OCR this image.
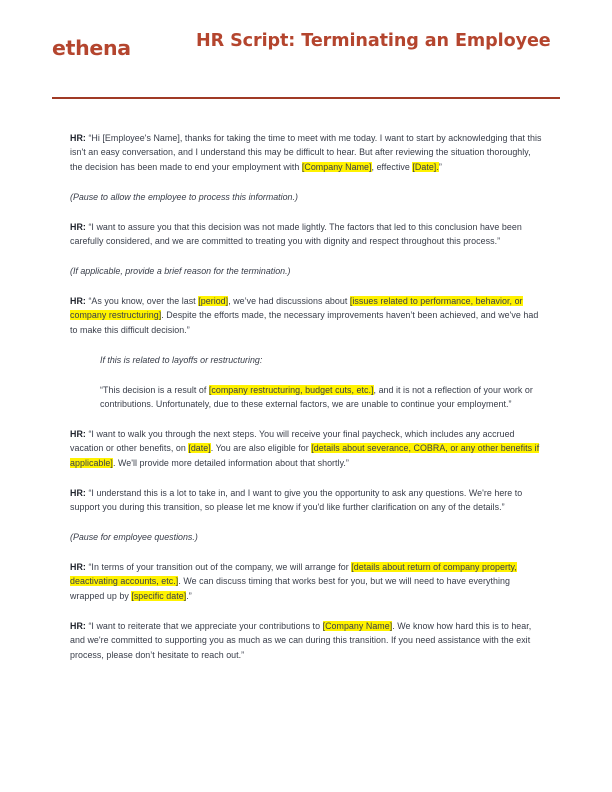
ethena	HR Script: Terminating an Employee

HR: “Hi [Employee's Name], thanks for taking the time to meet with me today. I want to start by acknowledging that this isn't an easy conversation, and I understand this may be difficult to hear. But after reviewing the situation thoroughly, the decision has been made to end your employment with [Company Name], effective [Date].”

(Pause to allow the employee to process this information.)

HR: “I want to assure you that this decision was not made lightly. The factors that led to this conclusion have been carefully considered, and we are committed to treating you with dignity and respect throughout this process.”

(If applicable, provide a brief reason for the termination.)

HR: “As you know, over the last [period], we’ve had discussions about [issues related to performance, behavior, or company restructuring]. Despite the efforts made, the necessary improvements haven’t been achieved, and we've had to make this difficult decision.”

If this is related to layoffs or restructuring:

“This decision is a result of [company restructuring, budget cuts, etc.], and it is not a reflection of your work or contributions. Unfortunately, due to these external factors, we are unable to continue your employment.”

HR: “I want to walk you through the next steps. You will receive your final paycheck, which includes any accrued vacation or other benefits, on [date]. You are also eligible for [details about severance, COBRA, or any other benefits if applicable]. We'll provide more detailed information about that shortly.”

HR: “I understand this is a lot to take in, and I want to give you the opportunity to ask any questions. We're here to support you during this transition, so please let me know if you'd like further clarification on any of the details.”

(Pause for employee questions.)

HR: “In terms of your transition out of the company, we will arrange for [details about return of company property, deactivating accounts, etc.]. We can discuss timing that works best for you, but we will need to have everything wrapped up by [specific date].”

HR: “I want to reiterate that we appreciate your contributions to [Company Name]. We know how hard this is to hear, and we're committed to supporting you as much as we can during this transition. If you need assistance with the exit process, please don’t hesitate to reach out.”
